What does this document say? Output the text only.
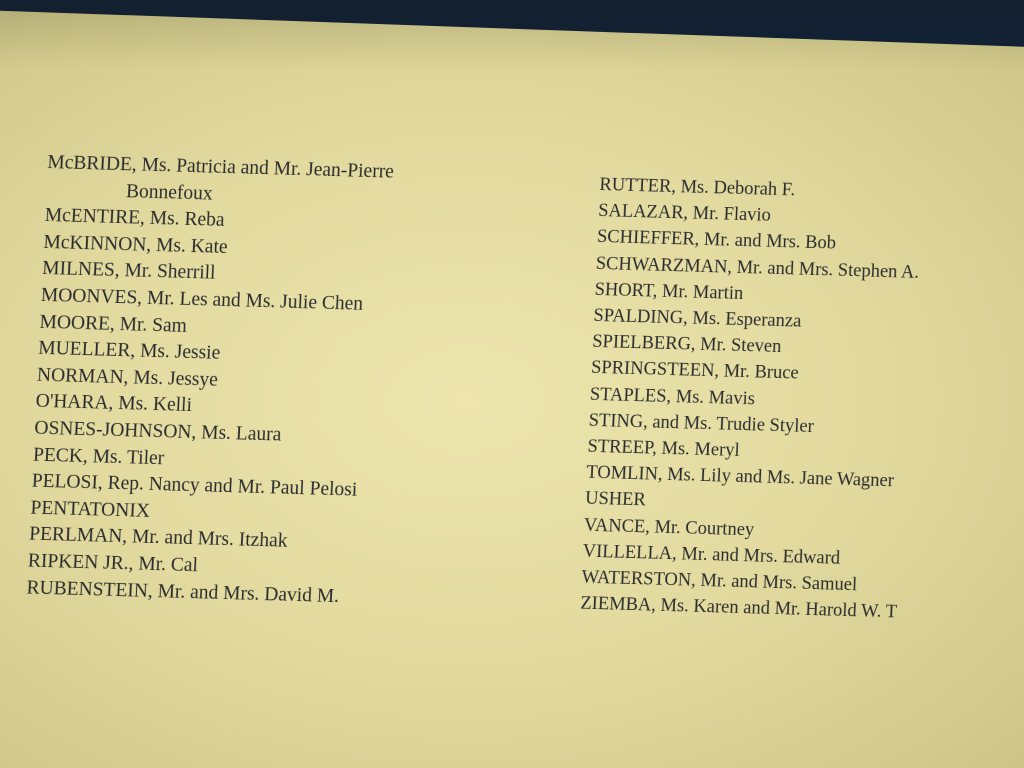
McBRIDE, Ms. Patricia and Mr. Jean-Pierre
Bonnefoux
McENTIRE, Ms. Reba
McKINNON, Ms. Kate
MILNES, Mr. Sherrill
MOONVES, Mr. Les and Ms. Julie Chen
MOORE, Mr. Sam
MUELLER, Ms. Jessie
NORMAN, Ms. Jessye
O'HARA, Ms. Kelli
OSNES-JOHNSON, Ms. Laura
PECK, Ms. Tiler
PELOSI, Rep. Nancy and Mr. Paul Pelosi
PENTATONIX
PERLMAN, Mr. and Mrs. Itzhak
RIPKEN JR., Mr. Cal
RUBENSTEIN, Mr. and Mrs. David M.
RUTTER, Ms. Deborah F.
SALAZAR, Mr. Flavio
SCHIEFFER, Mr. and Mrs. Bob
SCHWARZMAN, Mr. and Mrs. Stephen A.
SHORT, Mr. Martin
SPALDING, Ms. Esperanza
SPIELBERG, Mr. Steven
SPRINGSTEEN, Mr. Bruce
STAPLES, Ms. Mavis
STING, and Ms. Trudie Styler
STREEP, Ms. Meryl
TOMLIN, Ms. Lily and Ms. Jane Wagner
USHER
VANCE, Mr. Courtney
VILLELLA, Mr. and Mrs. Edward
WATERSTON, Mr. and Mrs. Samuel
ZIEMBA, Ms. Karen and Mr. Harold W. T
